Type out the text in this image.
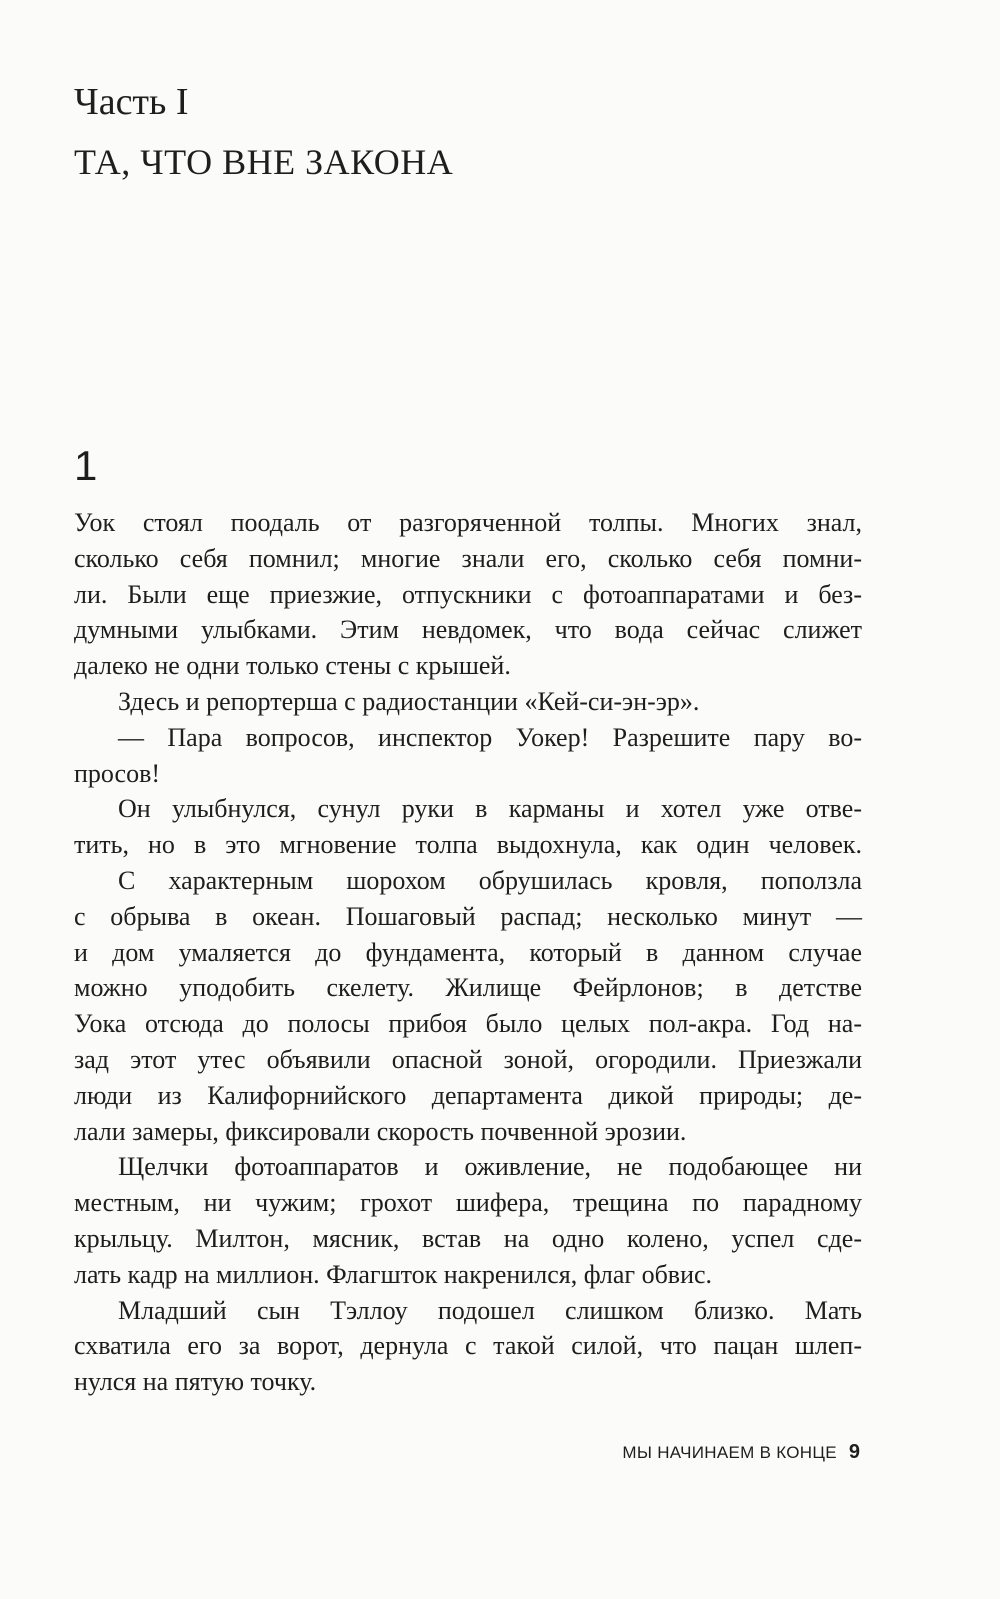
Часть I
ТА, ЧТО ВНЕ ЗАКОНА
1
Уок стоял поодаль от разгоряченной толпы. Многих знал,
сколько себя помнил; многие знали его, сколько себя помни-
ли. Были еще приезжие, отпускники с фотоаппаратами и без-
думными улыбками. Этим невдомек, что вода сейчас слижет
далеко не одни только стены с крышей.
Здесь и репортерша с радиостанции «Кей-си-эн-эр».
— Пара вопросов, инспектор Уокер! Разрешите пару во-
просов!
Он улыбнулся, сунул руки в карманы и хотел уже отве-
тить, но в это мгновение толпа выдохнула, как один человек.
С характерным шорохом обрушилась кровля, поползла
с обрыва в океан. Пошаговый распад; несколько минут —
и дом умаляется до фундамента, который в данном случае
можно уподобить скелету. Жилище Фейрлонов; в детстве
Уока отсюда до полосы прибоя было целых пол-акра. Год на-
зад этот утес объявили опасной зоной, огородили. Приезжали
люди из Калифорнийского департамента дикой природы; де-
лали замеры, фиксировали скорость почвенной эрозии.
Щелчки фотоаппаратов и оживление, не подобающее ни
местным, ни чужим; грохот шифера, трещина по парадному
крыльцу. Милтон, мясник, встав на одно колено, успел сде-
лать кадр на миллион. Флагшток накренился, флаг обвис.
Младший сын Тэллоу подошел слишком близко. Мать
схватила его за ворот, дернула с такой силой, что пацан шлеп-
нулся на пятую точку.
МЫ НАЧИНАЕМ В КОНЦЕ 9
